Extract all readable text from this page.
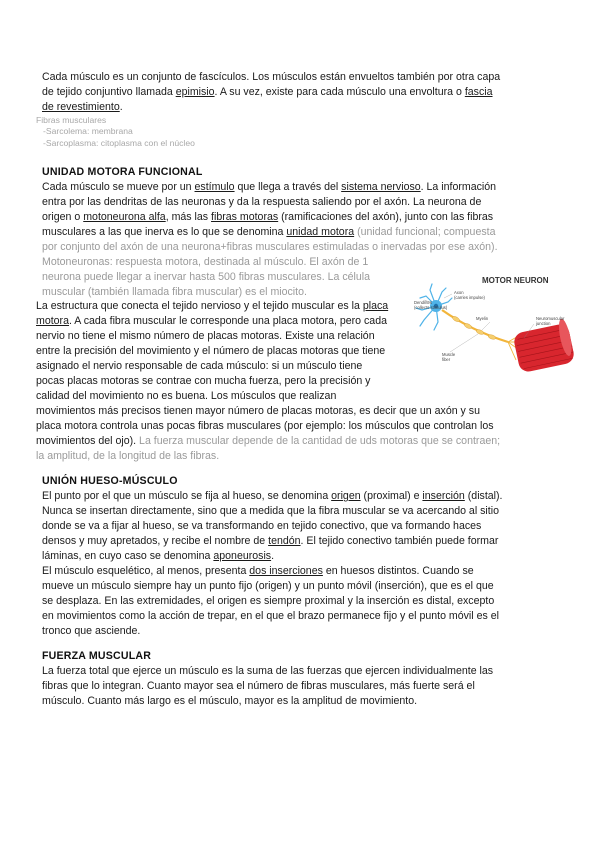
Cada músculo es un conjunto de fascículos. Los músculos están envueltos también por otra capa
de tejido conjuntivo llamada epimisio. A su vez, existe para cada músculo una envoltura o fascia
de revestimiento.
Fibras musculares
-Sarcolema: membrana
-Sarcoplasma: citoplasma con el núcleo
UNIDAD MOTORA FUNCIONAL
Cada músculo se mueve por un estímulo que llega a través del sistema nervioso. La información
entra por las dendritas de las neuronas y da la respuesta saliendo por el axón. La neurona de
origen o motoneurona alfa, más las fibras motoras (ramificaciones del axón), junto con las fibras
musculares a las que inerva es lo que se denomina unidad motora (unidad funcional; compuesta
por conjunto del axón de una neurona+fibras musculares estimuladas o inervadas por ese axón).
Motoneuronas: respuesta motora, destinada al músculo. El axón de 1
neurona puede llegar a inervar hasta 500 fibras musculares. La célula
muscular (también llamada fibra muscular) es el miocito.
La estructura que conecta el tejido nervioso y el tejido muscular es la placa
motora. A cada fibra muscular le corresponde una placa motora, pero cada
nervio no tiene el mismo número de placas motoras. Existe una relación
entre la precisión del movimiento y el número de placas motoras que tiene
asignado el nervio responsable de cada músculo: si un músculo tiene
pocas placas motoras se contrae con mucha fuerza, pero la precisión y
calidad del movimiento no es buena. Los músculos que realizan
movimientos más precisos tienen mayor número de placas motoras, es decir que un axón y su
placa motora controla unas pocas fibras musculares (por ejemplo: los músculos que controlan los
movimientos del ojo). La fuerza muscular depende de la cantidad de uds motoras que se contraen;
la amplitud, de la longitud de las fibras.
MOTOR NEURON
Axon
(carries impulse)
Dendrites
(collects stimulus)
Myelin	Neuromuscular
junction
Muscle
fiber
UNIÓN HUESO-MÚSCULO
El punto por el que un músculo se fija al hueso, se denomina origen (proximal) e inserción (distal).
Nunca se insertan directamente, sino que a medida que la fibra muscular se va acercando al sitio
donde se va a fijar al hueso, se va transformando en tejido conectivo, que va formando haces
densos y muy apretados, y recibe el nombre de tendón. El tejido conectivo también puede formar
láminas, en cuyo caso se denomina aponeurosis.
El músculo esquelético, al menos, presenta dos inserciones en huesos distintos. Cuando se
mueve un músculo siempre hay un punto fijo (origen) y un punto móvil (inserción), que es el que
se desplaza. En las extremidades, el origen es siempre proximal y la inserción es distal, excepto
en movimientos como la acción de trepar, en el que el brazo permanece fijo y el punto móvil es el
tronco que asciende.
FUERZA MUSCULAR
La fuerza total que ejerce un músculo es la suma de las fuerzas que ejercen individualmente las
fibras que lo integran. Cuanto mayor sea el número de fibras musculares, más fuerte será el
músculo. Cuanto más largo es el músculo, mayor es la amplitud de movimiento.
